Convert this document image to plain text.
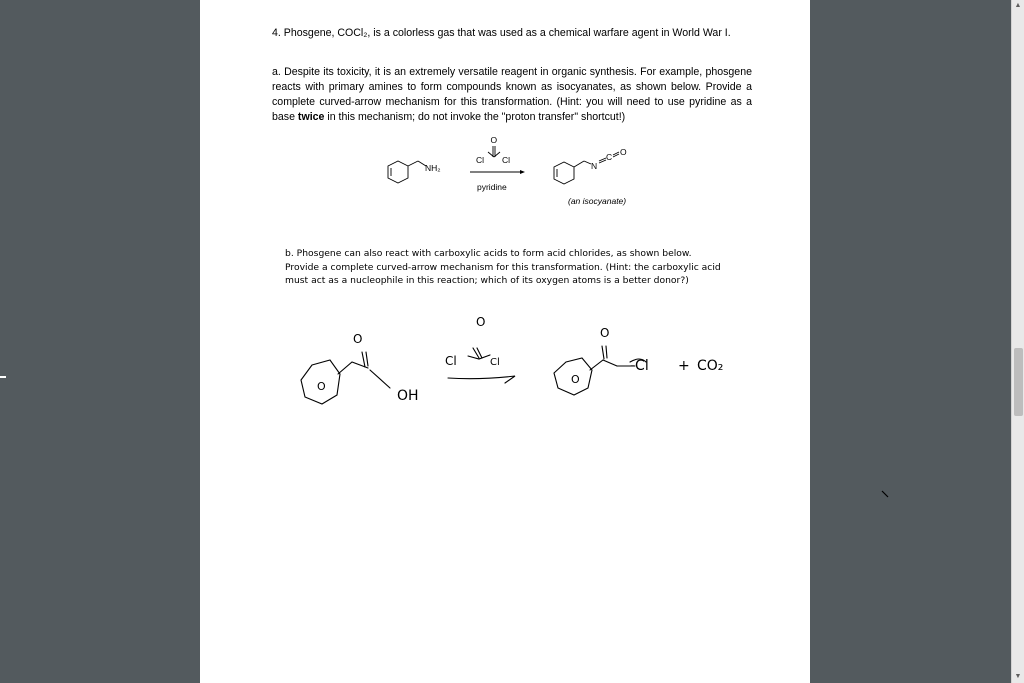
4. Phosgene, COCl₂, is a colorless gas that was used as a chemical warfare agent in World War I.
a. Despite its toxicity, it is an extremely versatile reagent in organic synthesis. For example, phosgene reacts with primary amines to form compounds known as isocyanates, as shown below. Provide a complete curved-arrow mechanism for this transformation. (Hint: you will need to use pyridine as a base twice in this mechanism; do not invoke the "proton transfer" shortcut!)
NH₂
O
Cl Cl
pyridine
N
C O
(an isocyanate)
b. Phosgene can also react with carboxylic acids to form acid chlorides, as shown below. Provide a complete curved-arrow mechanism for this transformation. (Hint: the carboxylic acid must act as a nucleophile in this reaction; which of its oxygen atoms is a better donor?)
O
O
OH
O
Cl	Cl
O
O
-Cl + CO₂
▲
▼
